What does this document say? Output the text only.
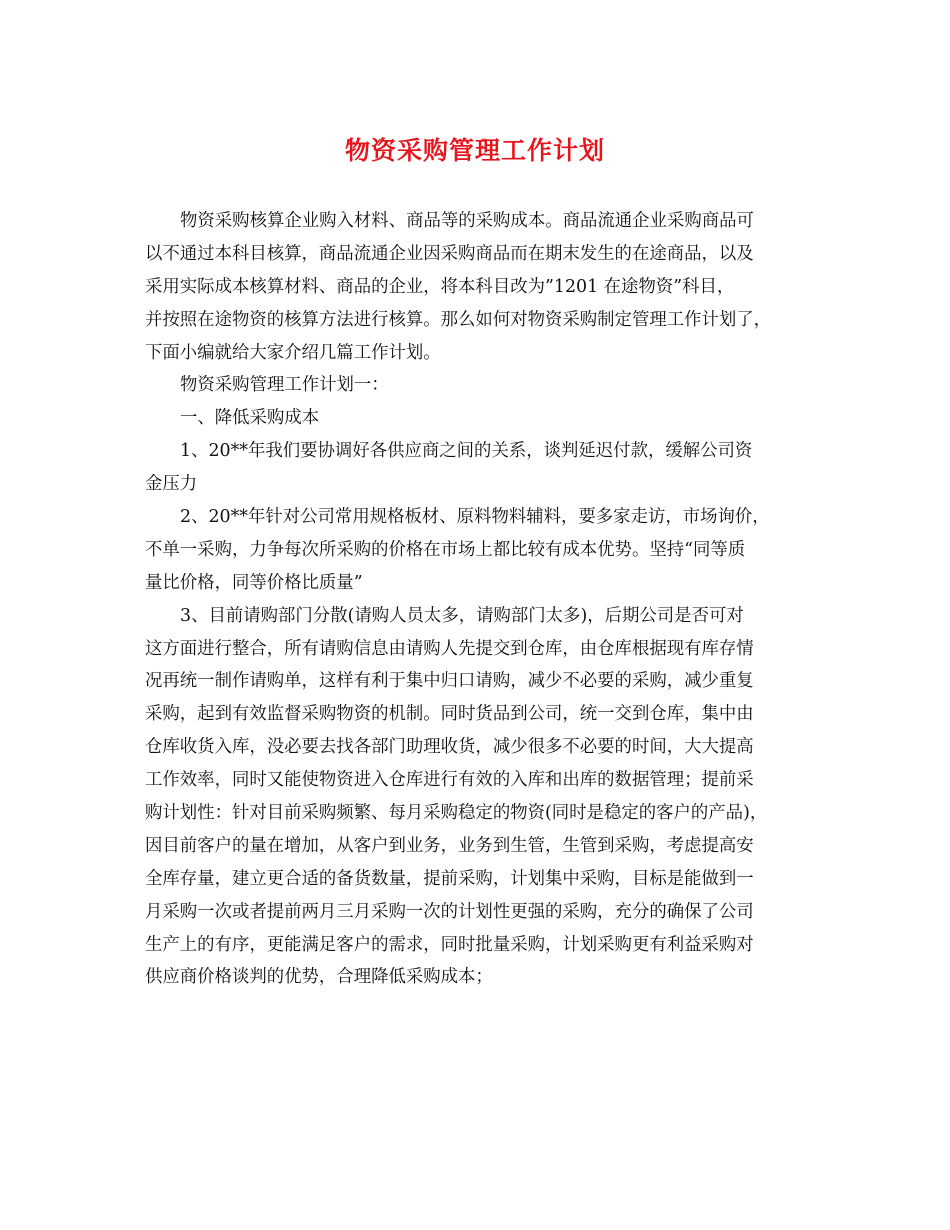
物资采购管理工作计划

物资采购核算企业购入材料、商品等的采购成本。商品流通企业采购商品可

以不通过本科目核算，商品流通企业因采购商品而在期末发生的在途商品，以及

采用实际成本核算材料、商品的企业，将本科目改为”1201 在途物资”科目，

并按照在途物资的核算方法进行核算。那么如何对物资采购制定管理工作计划了，

下面小编就给大家介绍几篇工作计划。

物资采购管理工作计划一：

一、降低采购成本

1、20**年我们要协调好各供应商之间的关系，谈判延迟付款，缓解公司资

金压力

2、20**年针对公司常用规格板材、原料物料辅料，要多家走访，市场询价，

不单一采购，力争每次所采购的价格在市场上都比较有成本优势。坚持“同等质

量比价格，同等价格比质量”

3、目前请购部门分散(请购人员太多，请购部门太多)，后期公司是否可对

这方面进行整合，所有请购信息由请购人先提交到仓库，由仓库根据现有库存情

况再统一制作请购单，这样有利于集中归口请购，减少不必要的采购，减少重复

采购，起到有效监督采购物资的机制。同时货品到公司，统一交到仓库，集中由

仓库收货入库，没必要去找各部门助理收货，减少很多不必要的时间，大大提高

工作效率，同时又能使物资进入仓库进行有效的入库和出库的数据管理；提前采

购计划性：针对目前采购频繁、每月采购稳定的物资(同时是稳定的客户的产品)，

因目前客户的量在增加，从客户到业务，业务到生管，生管到采购，考虑提高安

全库存量，建立更合适的备货数量，提前采购，计划集中采购，目标是能做到一

月采购一次或者提前两月三月采购一次的计划性更强的采购，充分的确保了公司

生产上的有序，更能满足客户的需求，同时批量采购，计划采购更有利益采购对

供应商价格谈判的优势，合理降低采购成本；
